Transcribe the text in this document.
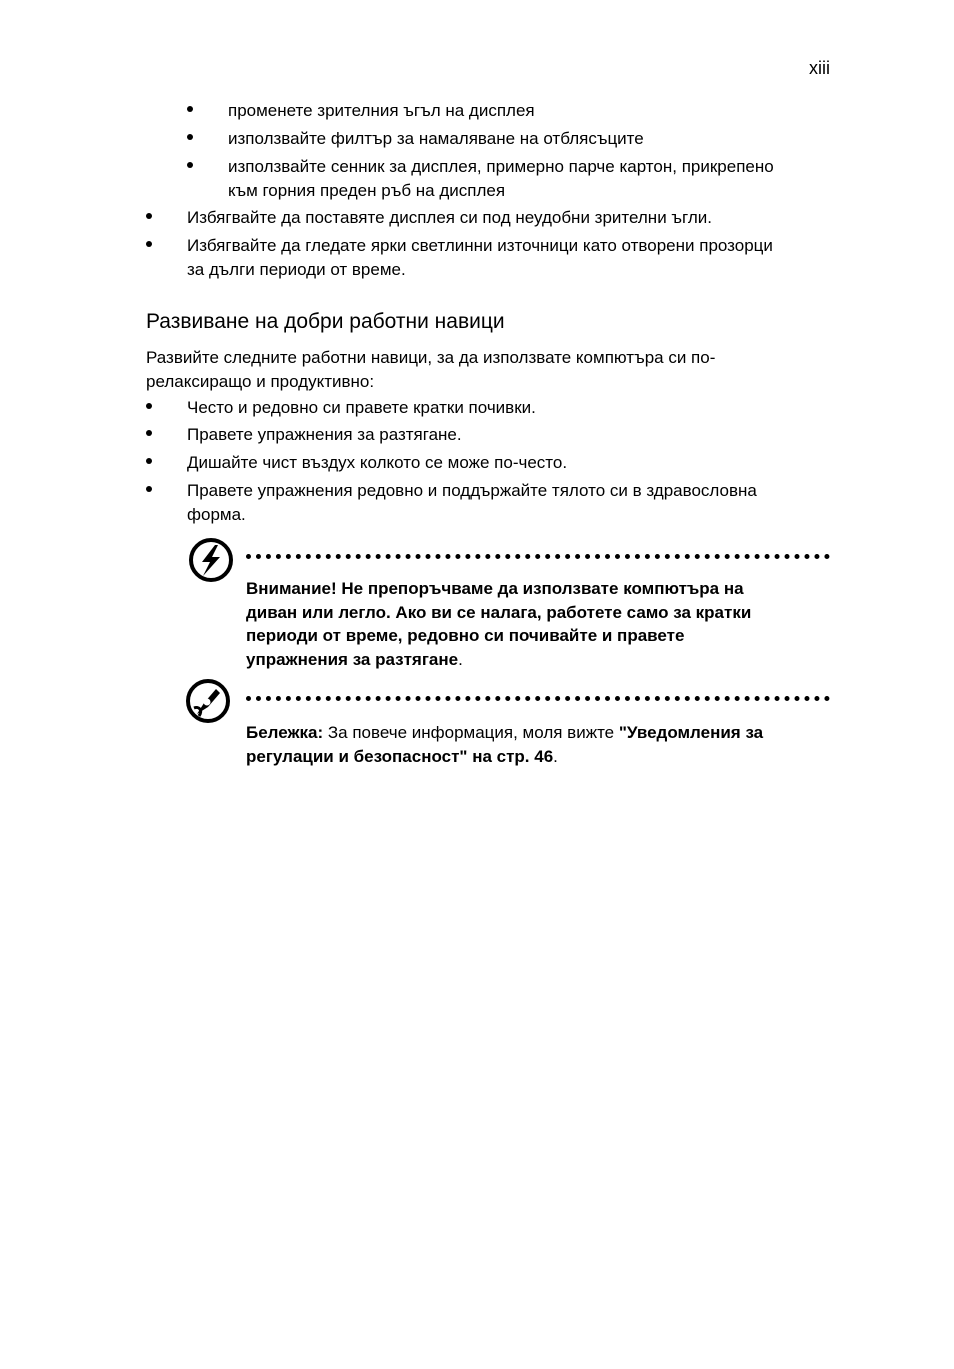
xiii
променете зрителния ъгъл на дисплея
използвайте филтър за намаляване на отблясъците
използвайте сенник за дисплея, примерно парче картон, прикрепено
към горния преден ръб на дисплея
Избягвайте да поставяте дисплея си под неудобни зрителни ъгли.
Избягвайте да гледате ярки светлинни източници като отворени прозорци
за дълги периоди от време.
Развиване на добри работни навици
Развийте следните работни навици, за да използвате компютъра си по-
релаксиращо и продуктивно:
Често и редовно си правете кратки почивки.
Правете упражнения за разтягане.
Дишайте чист въздух колкото се може по-често.
Правете упражнения редовно и поддържайте тялото си в здравословна
форма.
Внимание! Не препоръчваме да използвате компютъра на
диван или легло. Ако ви се налага, работете само за кратки
периоди от време, редовно си почивайте и правете
упражнения за разтягане.
Бележка: За повече информация, моля вижте "Уведомления за
регулации и безопасност" на стр. 46.
